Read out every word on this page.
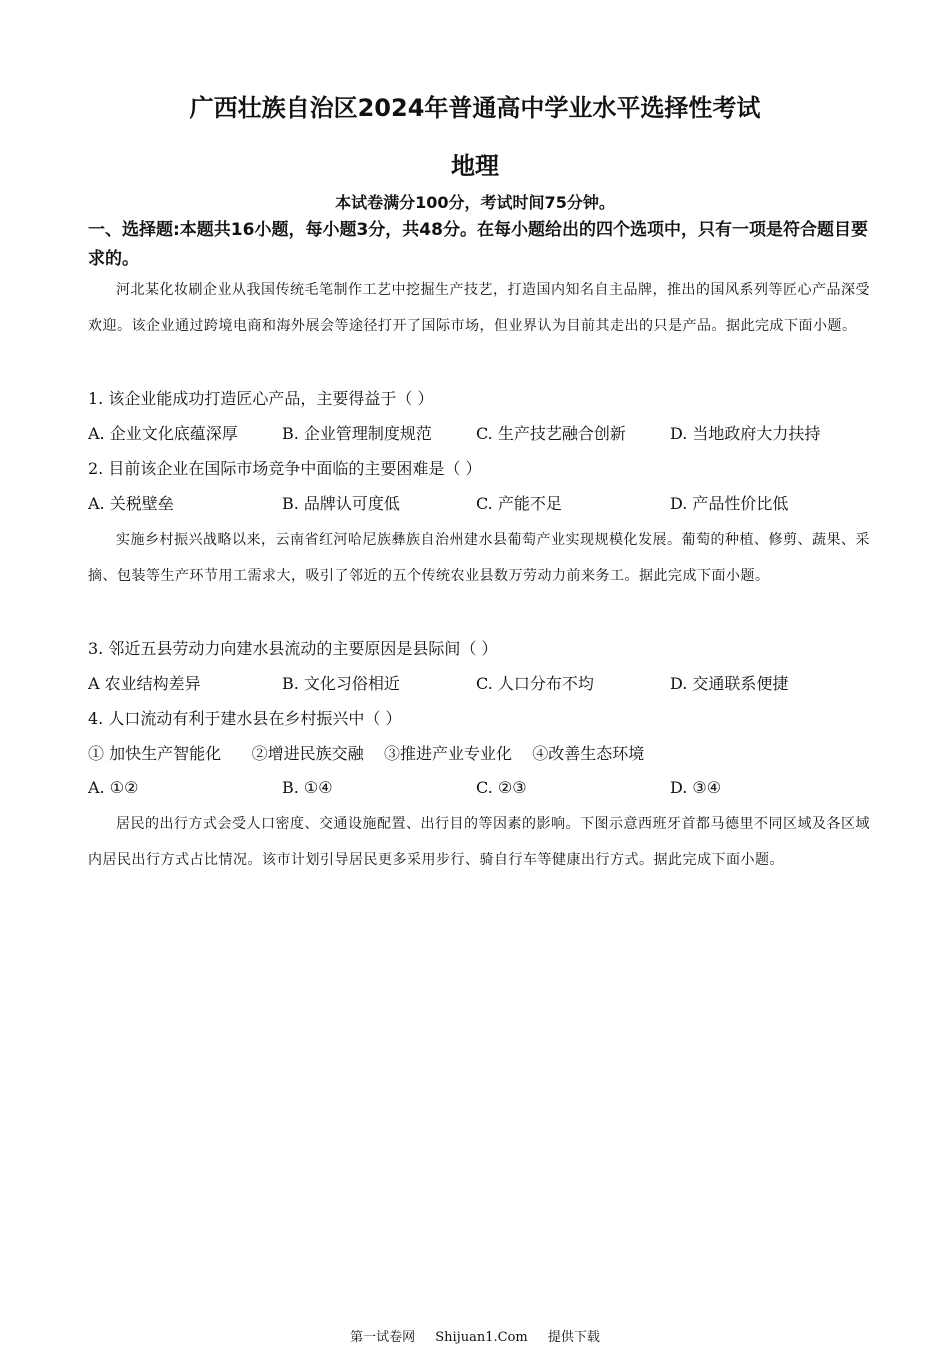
广西壮族自治区2024年普通高中学业水平选择性考试
地理
本试卷满分100分，考试时间75分钟。
一、选择题:本题共16小题，每小题3分，共48分。在每小题给出的四个选项中，只有一项是符合题目要求的。

河北某化妆刷企业从我国传统毛笔制作工艺中挖掘生产技艺，打造国内知名自主品牌，推出的国风系列等匠心产品深受欢迎。该企业通过跨境电商和海外展会等途径打开了国际市场，但业界认为目前其走出的只是产品。据此完成下面小题。

1. 该企业能成功打造匠心产品，主要得益于（ ）
A. 企业文化底蕴深厚	B. 企业管理制度规范	C. 生产技艺融合创新	D. 当地政府大力扶持
2. 目前该企业在国际市场竞争中面临的主要困难是（ ）
A. 关税壁垒	B. 品牌认可度低	C. 产能不足	D. 产品性价比低

实施乡村振兴战略以来，云南省红河哈尼族彝族自治州建水县葡萄产业实现规模化发展。葡萄的种植、修剪、蔬果、采摘、包装等生产环节用工需求大，吸引了邻近的五个传统农业县数万劳动力前来务工。据此完成下面小题。

3. 邻近五县劳动力向建水县流动的主要原因是县际间（ ）
A 农业结构差异	B. 文化习俗相近	C. 人口分布不均	D. 交通联系便捷
4. 人口流动有利于建水县在乡村振兴中（ ）
① 加快生产智能化      ②增进民族交融    ③推进产业专业化    ④改善生态环境
A. ①②	B. ①④	C. ②③	D. ③④

居民的出行方式会受人口密度、交通设施配置、出行目的等因素的影响。下图示意西班牙首都马德里不同区域及各区域内居民出行方式占比情况。该市计划引导居民更多采用步行、骑自行车等健康出行方式。据此完成下面小题。

第一试卷网 Shijuan1.Com 提供下载
